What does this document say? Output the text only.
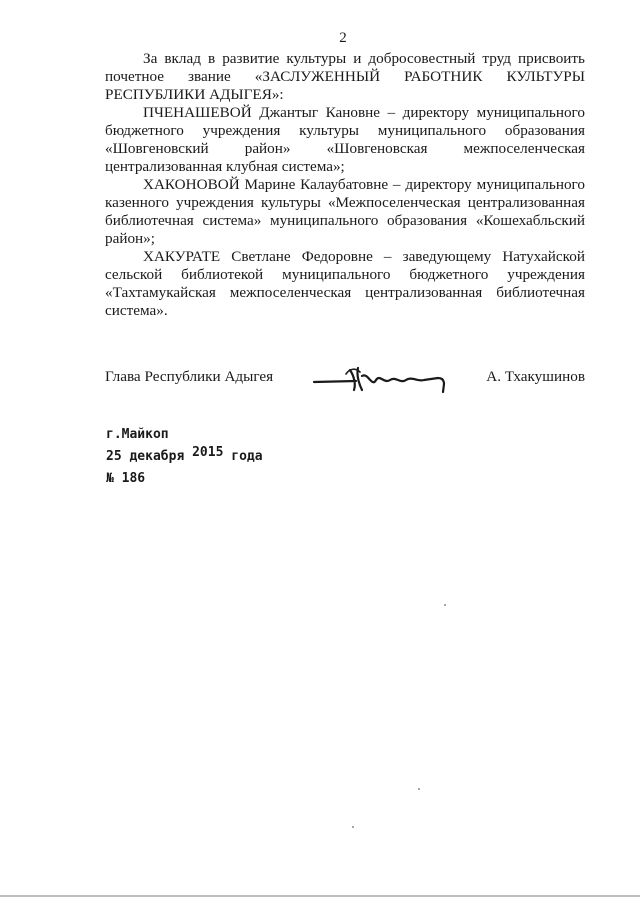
2

За вклад в развитие культуры и добросовестный труд присвоить почетное звание «ЗАСЛУЖЕННЫЙ РАБОТНИК КУЛЬТУРЫ РЕСПУБЛИКИ АДЫГЕЯ»:

ПЧЕНАШЕВОЙ Джантыг Кановне – директору муниципального бюджетного учреждения культуры муниципального образования «Шовгеновский район» «Шовгеновская межпоселенческая централизованная клубная система»;

ХАКОНОВОЙ Марине Калаубатовне – директору муниципального казенного учреждения культуры «Межпоселенческая централизованная библиотечная система» муниципального образования «Кошехабльский район»;

ХАКУРАТЕ Светлане Федоровне – заведующему Натухайской сельской библиотекой муниципального бюджетного учреждения «Тахтамукайская межпоселенческая централизованная библиотечная система».

Глава Республики Адыгея	А. Тхакушинов
г.Майкоп
25 декабря 2015 года
№ 186
